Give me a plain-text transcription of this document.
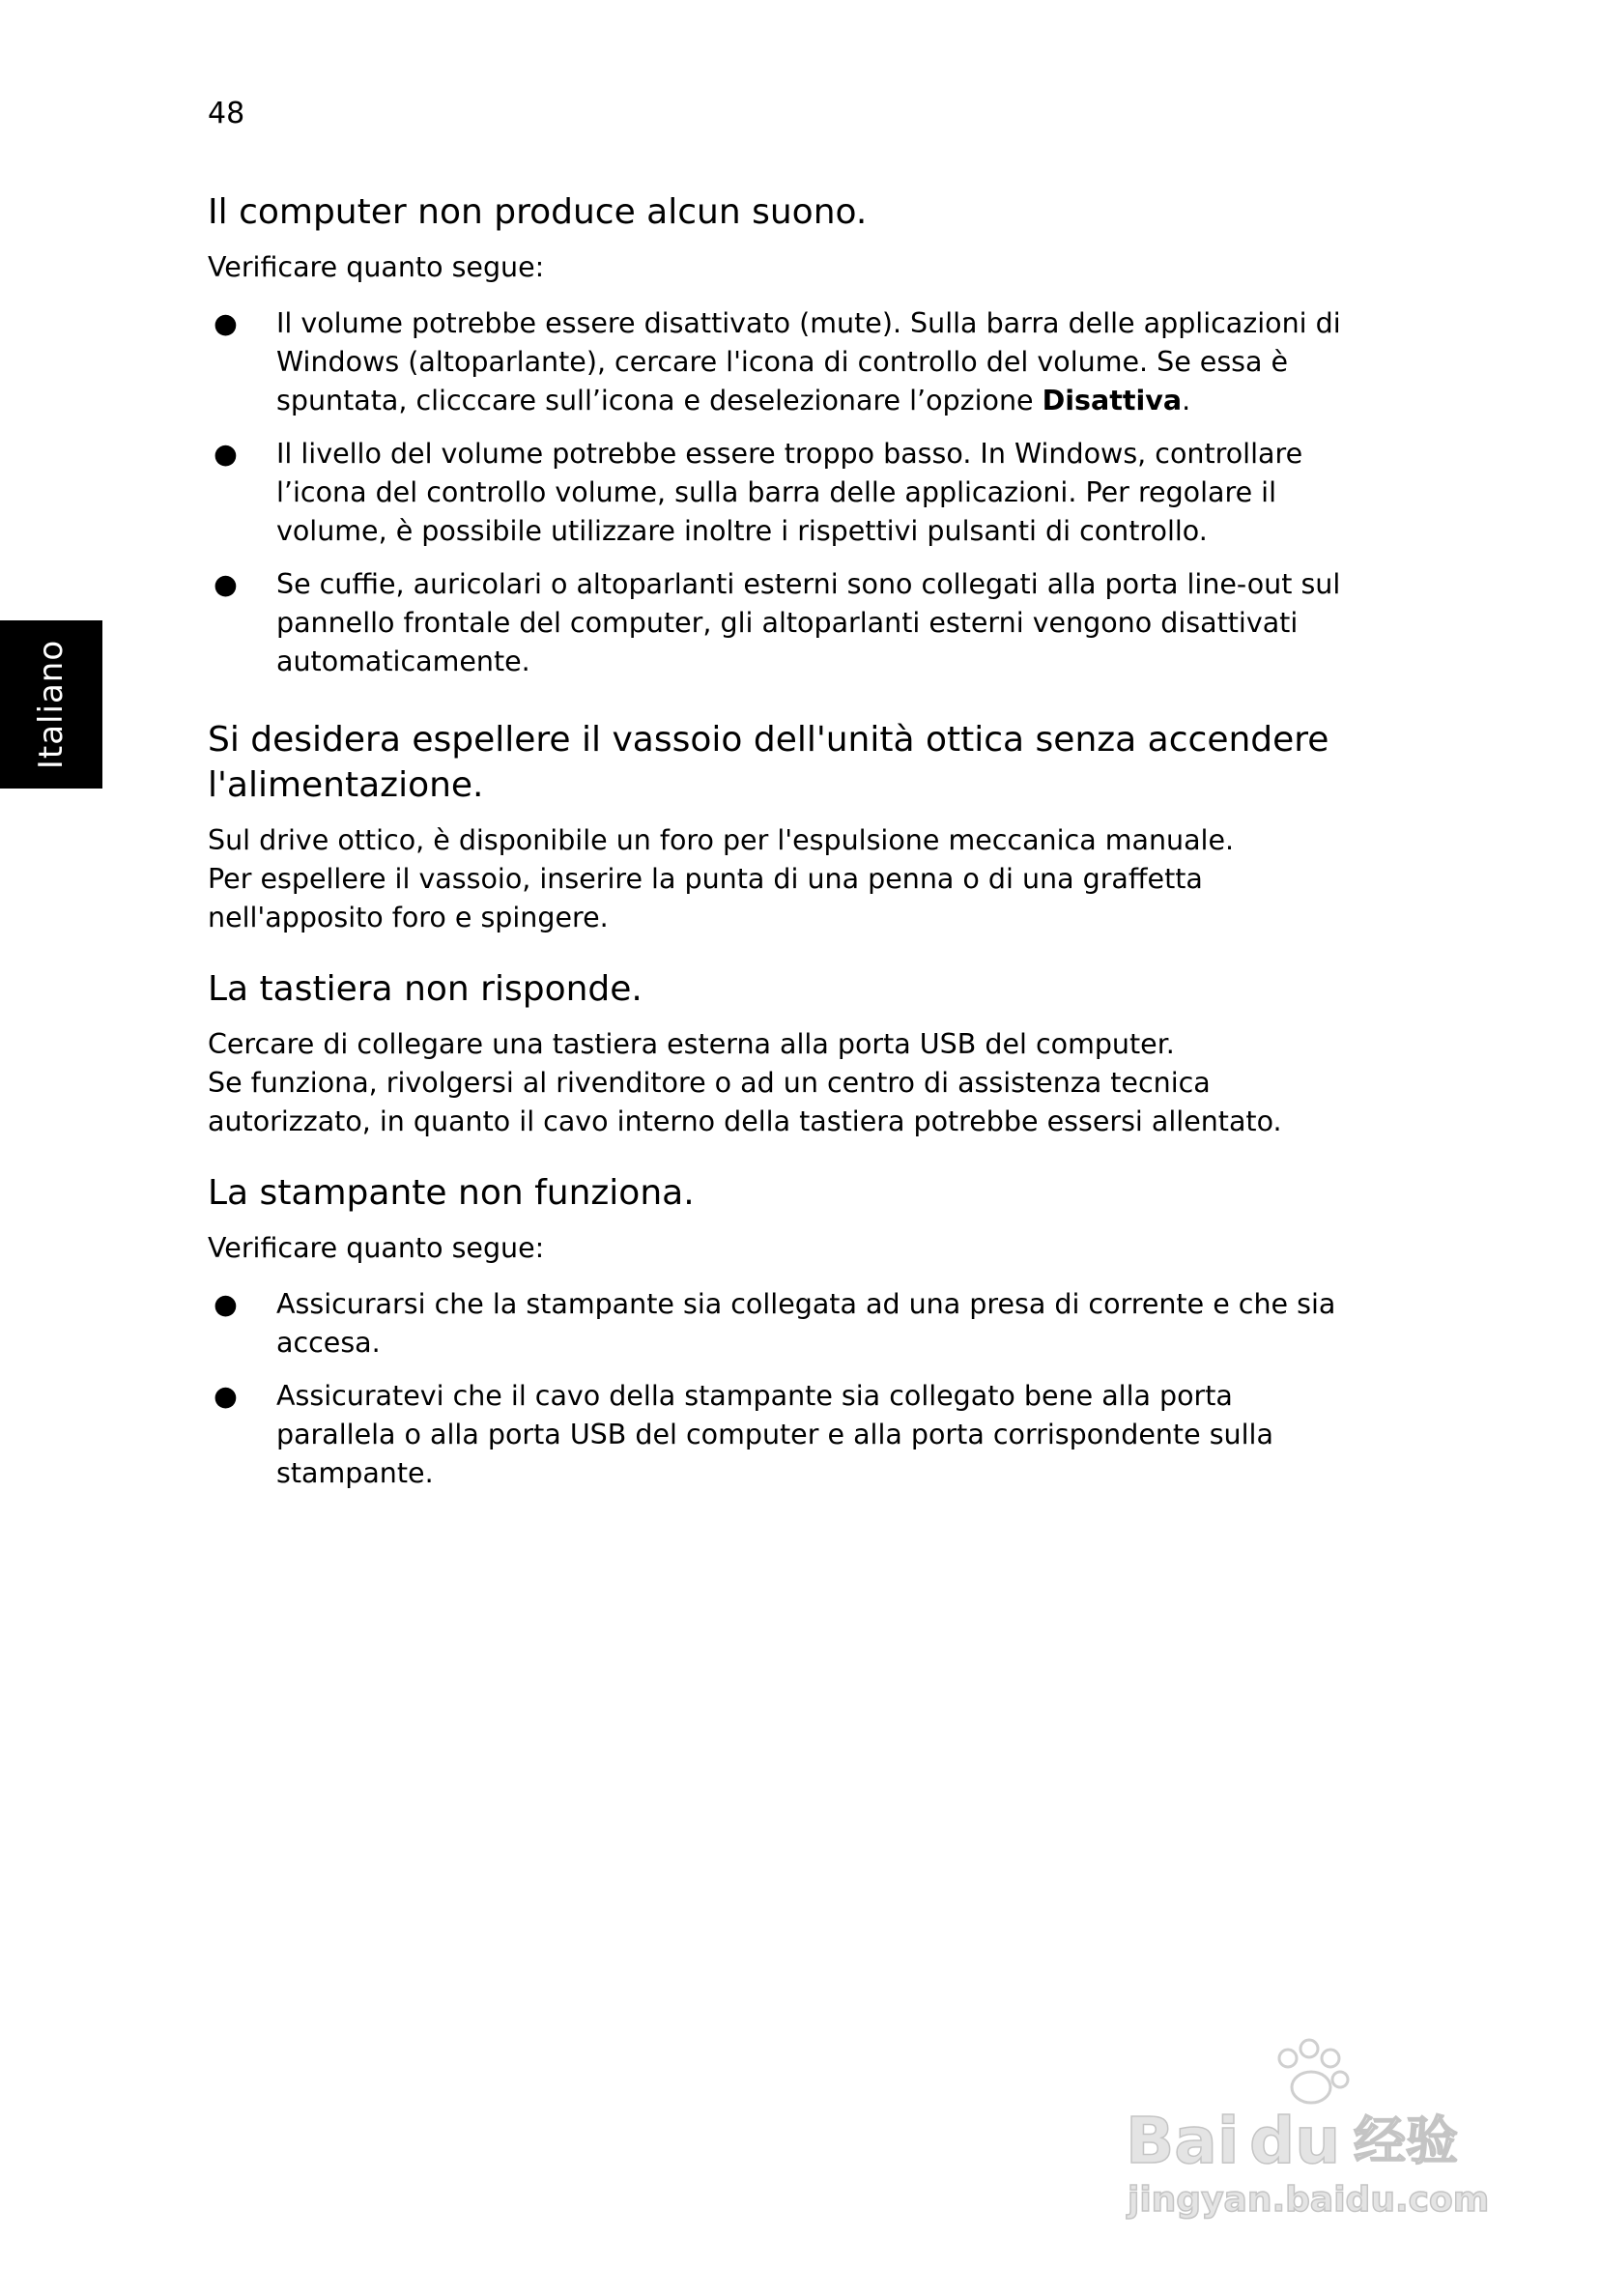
48
Italiano
Il computer non produce alcun suono.

Verificare quanto segue:

● Il volume potrebbe essere disattivato (mute). Sulla barra delle applicazioni di Windows (altoparlante), cercare l'icona di controllo del volume. Se essa è spuntata, clicccare sull’icona e deselezionare l’opzione Disattiva.
● Il livello del volume potrebbe essere troppo basso. In Windows, controllare l’icona del controllo volume, sulla barra delle applicazioni. Per regolare il volume, è possibile utilizzare inoltre i rispettivi pulsanti di controllo.
● Se cuffie, auricolari o altoparlanti esterni sono collegati alla porta line-out sul pannello frontale del computer, gli altoparlanti esterni vengono disattivati automaticamente.
Si desidera espellere il vassoio dell'unità ottica senza accendere l'alimentazione.

Sul drive ottico, è disponibile un foro per l'espulsione meccanica manuale.

Per espellere il vassoio, inserire la punta di una penna o di una graffetta nell'apposito foro e spingere.

La tastiera non risponde.

Cercare di collegare una tastiera esterna alla porta USB del computer.

Se funziona, rivolgersi al rivenditore o ad un centro di assistenza tecnica autorizzato, in quanto il cavo interno della tastiera potrebbe essersi allentato.

La stampante non funziona.

Verificare quanto segue:

● Assicurarsi che la stampante sia collegata ad una presa di corrente e che sia accesa.
● Assicuratevi che il cavo della stampante sia collegato bene alla porta parallela o alla porta USB del computer e alla porta corrispondente sulla stampante.
Bai du 经验
jingyan.baidu.com
